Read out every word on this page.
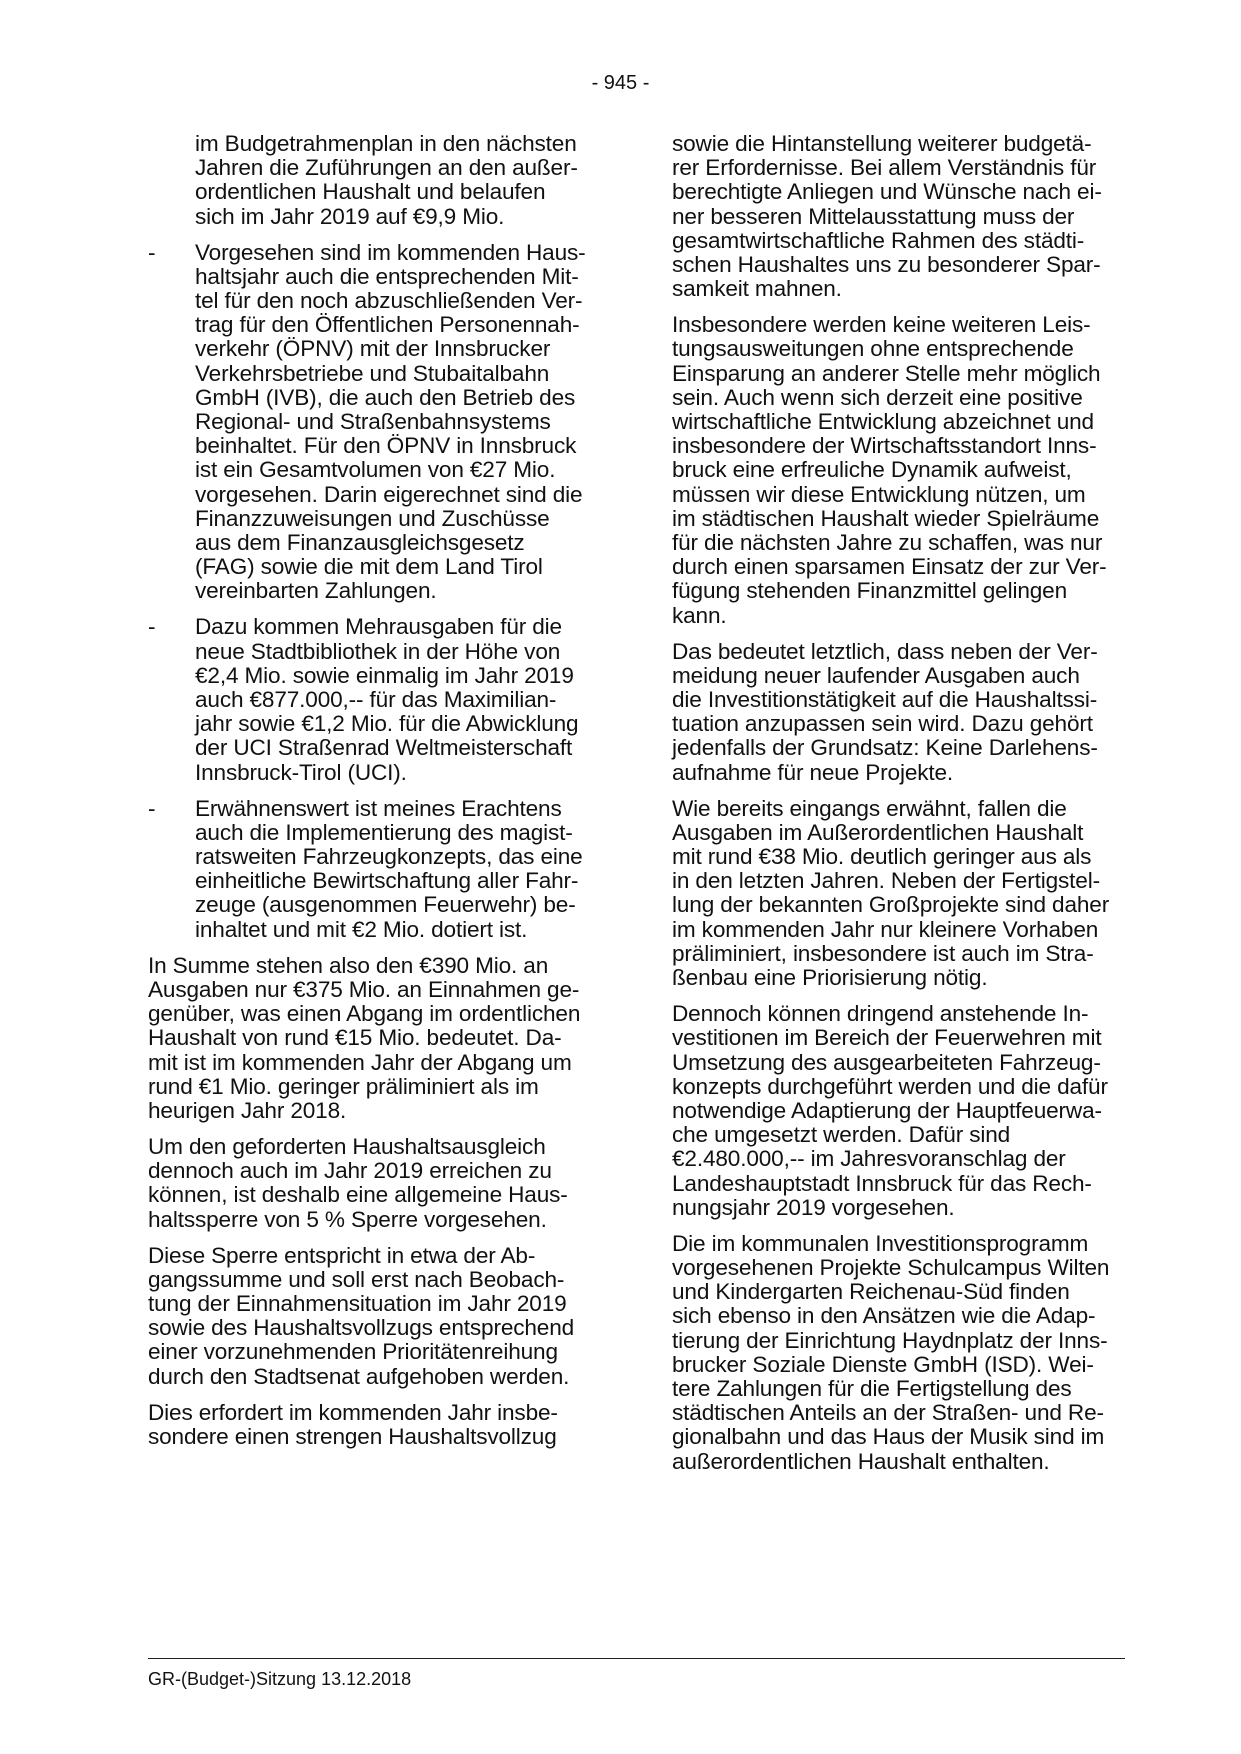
- 945 -
im Budgetrahmenplan in den nächsten
Jahren die Zuführungen an den außer-
ordentlichen Haushalt und belaufen
sich im Jahr 2019 auf €9,9 Mio.
- Vorgesehen sind im kommenden Haus-
haltsjahr auch die entsprechenden Mit-
tel für den noch abzuschließenden Ver-
trag für den Öffentlichen Personennah-
verkehr (ÖPNV) mit der Innsbrucker
Verkehrsbetriebe und Stubaitalbahn
GmbH (IVB), die auch den Betrieb des
Regional- und Straßenbahnsystems
beinhaltet. Für den ÖPNV in Innsbruck
ist ein Gesamtvolumen von €27 Mio.
vorgesehen. Darin eigerechnet sind die
Finanzzuweisungen und Zuschüsse
aus dem Finanzausgleichsgesetz
(FAG) sowie die mit dem Land Tirol
vereinbarten Zahlungen.
- Dazu kommen Mehrausgaben für die
neue Stadtbibliothek in der Höhe von
€2,4 Mio. sowie einmalig im Jahr 2019
auch €877.000,-- für das Maximilian-
jahr sowie €1,2 Mio. für die Abwicklung
der UCI Straßenrad Weltmeisterschaft
Innsbruck-Tirol (UCI).
- Erwähnenswert ist meines Erachtens
auch die Implementierung des magist-
ratsweiten Fahrzeugkonzepts, das eine
einheitliche Bewirtschaftung aller Fahr-
zeuge (ausgenommen Feuerwehr) be-
inhaltet und mit €2 Mio. dotiert ist.
In Summe stehen also den €390 Mio. an
Ausgaben nur €375 Mio. an Einnahmen ge-
genüber, was einen Abgang im ordentlichen
Haushalt von rund €15 Mio. bedeutet. Da-
mit ist im kommenden Jahr der Abgang um
rund €1 Mio. geringer präliminiert als im
heurigen Jahr 2018.
Um den geforderten Haushaltsausgleich
dennoch auch im Jahr 2019 erreichen zu
können, ist deshalb eine allgemeine Haus-
haltssperre von 5 % Sperre vorgesehen.
Diese Sperre entspricht in etwa der Ab-
gangssumme und soll erst nach Beobach-
tung der Einnahmensituation im Jahr 2019
sowie des Haushaltsvollzugs entsprechend
einer vorzunehmenden Prioritätenreihung
durch den Stadtsenat aufgehoben werden.
Dies erfordert im kommenden Jahr insbe-
sondere einen strengen Haushaltsvollzug
sowie die Hintanstellung weiterer budgetä-
rer Erfordernisse. Bei allem Verständnis für
berechtigte Anliegen und Wünsche nach ei-
ner besseren Mittelausstattung muss der
gesamtwirtschaftliche Rahmen des städti-
schen Haushaltes uns zu besonderer Spar-
samkeit mahnen.
Insbesondere werden keine weiteren Leis-
tungsausweitungen ohne entsprechende
Einsparung an anderer Stelle mehr möglich
sein. Auch wenn sich derzeit eine positive
wirtschaftliche Entwicklung abzeichnet und
insbesondere der Wirtschaftsstandort Inns-
bruck eine erfreuliche Dynamik aufweist,
müssen wir diese Entwicklung nützen, um
im städtischen Haushalt wieder Spielräume
für die nächsten Jahre zu schaffen, was nur
durch einen sparsamen Einsatz der zur Ver-
fügung stehenden Finanzmittel gelingen
kann.
Das bedeutet letztlich, dass neben der Ver-
meidung neuer laufender Ausgaben auch
die Investitionstätigkeit auf die Haushaltssi-
tuation anzupassen sein wird. Dazu gehört
jedenfalls der Grundsatz: Keine Darlehens-
aufnahme für neue Projekte.
Wie bereits eingangs erwähnt, fallen die
Ausgaben im Außerordentlichen Haushalt
mit rund €38 Mio. deutlich geringer aus als
in den letzten Jahren. Neben der Fertigstel-
lung der bekannten Großprojekte sind daher
im kommenden Jahr nur kleinere Vorhaben
präliminiert, insbesondere ist auch im Stra-
ßenbau eine Priorisierung nötig.
Dennoch können dringend anstehende In-
vestitionen im Bereich der Feuerwehren mit
Umsetzung des ausgearbeiteten Fahrzeug-
konzepts durchgeführt werden und die dafür
notwendige Adaptierung der Hauptfeuerwa-
che umgesetzt werden. Dafür sind
€2.480.000,-- im Jahresvoranschlag der
Landeshauptstadt Innsbruck für das Rech-
nungsjahr 2019 vorgesehen.
Die im kommunalen Investitionsprogramm
vorgesehenen Projekte Schulcampus Wilten
und Kindergarten Reichenau-Süd finden
sich ebenso in den Ansätzen wie die Adap-
tierung der Einrichtung Haydnplatz der Inns-
brucker Soziale Dienste GmbH (ISD). Wei-
tere Zahlungen für die Fertigstellung des
städtischen Anteils an der Straßen- und Re-
gionalbahn und das Haus der Musik sind im
außerordentlichen Haushalt enthalten.
GR-(Budget-)Sitzung 13.12.2018
